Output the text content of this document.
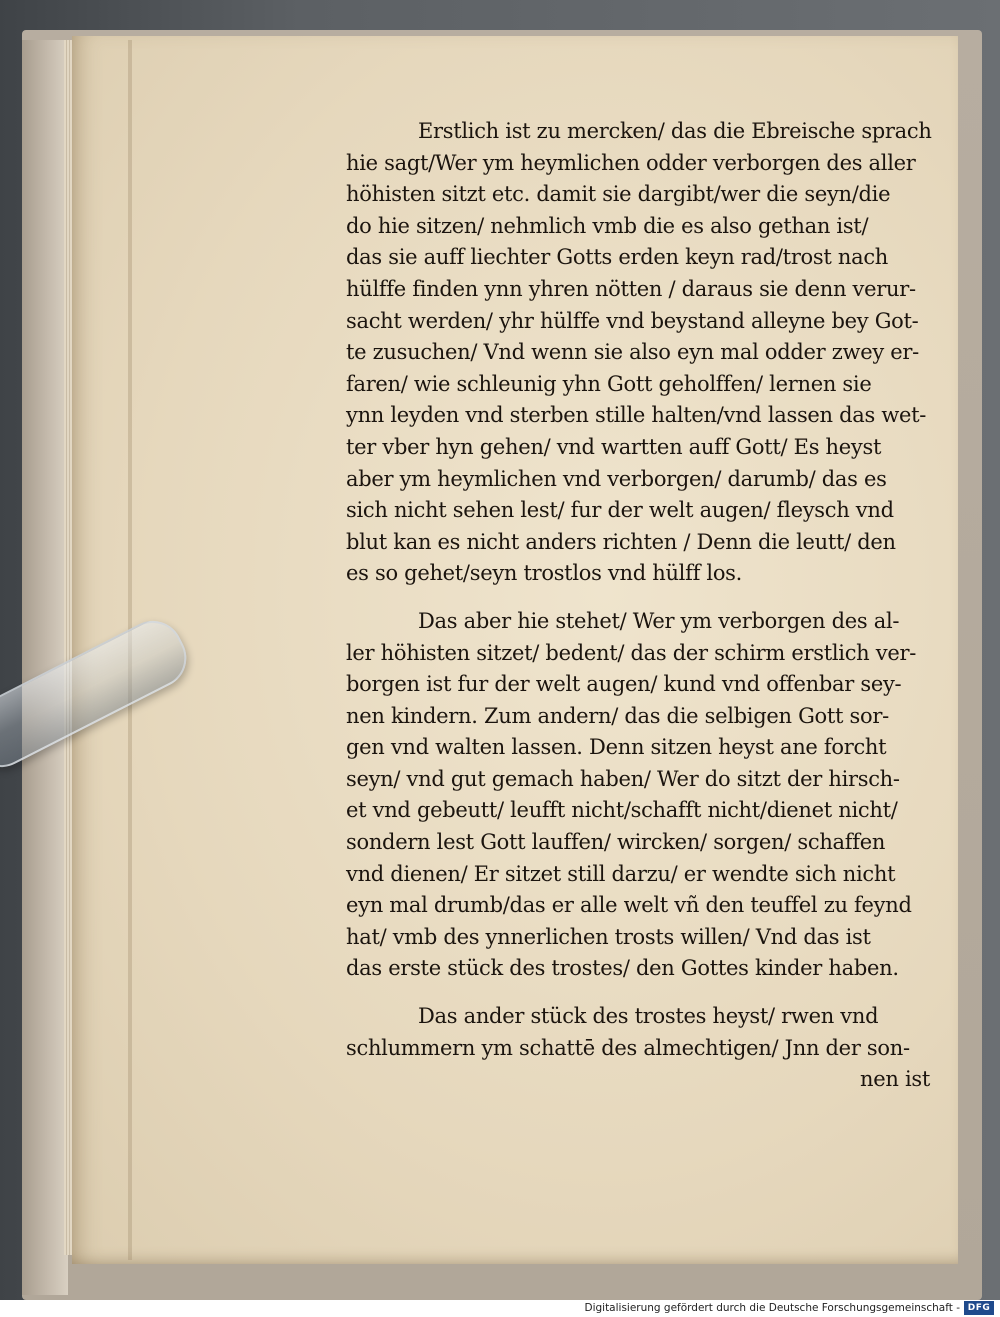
Erstlich ist zu mercken/ das die Ebreische sprach
hie sagt/Wer ym heymlichen odder verborgen des aller
höhisten sitzt etc. damit sie dargibt/wer die seyn/die
do hie sitzen/ nehmlich vmb die es also gethan ist/
das sie auff liechter Gotts erden keyn rad/trost nach
hülffe finden ynn yhren nötten / daraus sie denn verur-
sacht werden/ yhr hülffe vnd beystand alleyne bey Got-
te zusuchen/ Vnd wenn sie also eyn mal odder zwey er-
faren/ wie schleunig yhn Gott geholffen/ lernen sie
ynn leyden vnd sterben stille halten/vnd lassen das wet-
ter vber hyn gehen/ vnd wartten auff Gott/ Es heyst
aber ym heymlichen vnd verborgen/ darumb/ das es
sich nicht sehen lest/ fur der welt augen/ fleysch vnd
blut kan es nicht anders richten / Denn die leutt/ den
es so gehet/seyn trostlos vnd hülff los.
Das aber hie stehet/ Wer ym verborgen des al-
ler höhisten sitzet/ bedent/ das der schirm erstlich ver-
borgen ist fur der welt augen/ kund vnd offenbar sey-
nen kindern. Zum andern/ das die selbigen Gott sor-
gen vnd walten lassen. Denn sitzen heyst ane forcht
seyn/ vnd gut gemach haben/ Wer do sitzt der hirsch-
et vnd gebeutt/ leufft nicht/schafft nicht/dienet nicht/
sondern lest Gott lauffen/ wircken/ sorgen/ schaffen
vnd dienen/ Er sitzet still darzu/ er wendte sich nicht
eyn mal drumb/das er alle welt vñ den teuffel zu feynd
hat/ vmb des ynnerlichen trosts willen/ Vnd das ist
das erste stück des trostes/ den Gottes kinder haben.
Das ander stück des trostes heyst/ rwen vnd
schlummern ym schattē des almechtigen/ Jnn der son-
nen ist
Digitalisierung gefördert durch die Deutsche Forschungsgemeinschaft - DFG
